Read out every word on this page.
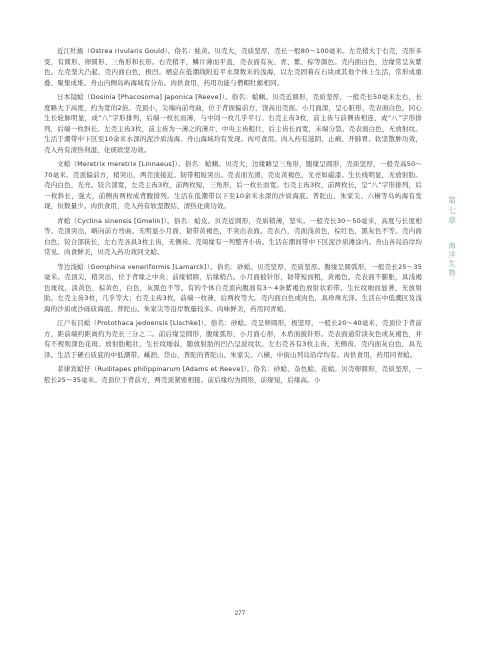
近江牡蛎（Ostrea rivularis Gould）。俗名：蚝黄。贝壳大，壳质坚厚，壳长一般80～100毫米。左壳稍大于右壳，壳形多变，有圆形、卵圆形、三角形和长形。右壳稍平，鳞片薄而平直，壳表面有灰、青、紫、棕等颜色。壳内面白色，边缘常呈灰紫色。左壳坚大凸起，壳内面白色，极凹。栖息在低潮线附近平水深数米的浅海，以左壳固着在石块或其他个体上生活，常形成重叠、聚集成堆。舟山内侧岛屿海域有分布。肉供食用，药用功能与僧帽牡蛎相同。

日本镜蛤（Dosinia [Phacosoma] Japonica [Reeve]）。俗名：蛤蜊。贝壳近圆形，壳质坚厚，一般壳长50毫米左右，长度略大于高度，约为宽的2倍。壳顶小，尖端向前弯曲，位于背面偏前方，饶高出壳面。小月面深，呈心脏形，壳表面白色，同心生长轮脉明显，成“八”字形排列，后端一枚长而薄，与中间一枚几乎平行。右壳主齿3枚，前主齿与前侧齿相连，成“八”字形排列，后端一枚斜长。左壳主齿3枚，前主齿为一薄之的薄片，中央主齿粗壮，后主齿长而宽，末端分裂。壳表面白色，无放射纹。生活于潮带中下区至10余米水深的泥沙质浅海。舟山海域均有发现。肉可食用。肉入药有滋阴、止痢、开肺胃、软坚散肿功效，壳入药有清热利湿、化痰软坚功效。

文蛤（Meretrix meretrix [Linnaeus]）。俗名：蛤蜊。贝壳大，边缘略呈三角形，腹缘呈圆形，壳质坚厚，一般壳高50～70毫米。壳顶偏前方，稍突出，两壳顶接近。韧带粗短突出。壳表面光滑，壳皮黄褐色，光亮如磁漆。生长线明显，无放射肋。壳内白色，光亮。铰合部宽，左壳主齿3枚，前两枚短，三角形，后一枚长而宽。右壳主齿3枚，前两枚长，呈“八”字形排列，后一枚斜长，强大，前侧齿两枚成背腹排列。生活在低潮带以下至10余米水深的沙质海底。普陀山、朱家尖、六横等岛屿海有发现，但数量少。肉供食用，壳入药有软坚散结、清热化痰功效。

青蛤（Cyclina sinensis [Gmelin]）。俗名：蛤皮。贝壳近圆形，壳质稍薄，坚实。一般壳长30～50毫米，高度与长度相等。壳顶突出，略向前方弯曲。无明显小月面，韧带黄褐色，不突出表面。壳表凸，壳面浅黄色，棕红色，黑灰色不等。壳内面白色，铰合部狭长，左右壳各具3枚主齿，无侧齿。壳周缘有一列整齐小齿。生活在潮间带中下区泥沙质滩涂内。舟山各岛沿岸均常见。肉食鲜美，贝壳入药功效同文蛤。

等边浅蛤（Gomphina veneriformis [Lamarck]）。俗名：砂蛤。贝壳坚厚，壳质坚厚。腹缘呈圆弧形，一般壳长25～35毫米。壳顶尖，稍突出，位于背缘之中央；前缘稍圆，后缘稍凸。小月面披针形，韧带短而粗，黄褐色。壳表面不膨胀，具浅褐色斑纹，淡黄色，棕黄色，白色，灰黑色不等。有的个体自壳顶向腹面有3～4条紫褐色放射状彩带。生长纹细而显著，无放射肋。左壳主齿3枚，几乎等大；右壳主齿3枚，前端一枚薄，后两枚等大。壳内面白色或肉色，具珍珠光泽。生活在中低潮区及浅海的沙质或沙砾质海底。普陀山、朱家尖等沿岸数量较多。肉味鲜美，药用同青蛤。

江户布目蛤（Protothaca jedoensis [Lischke]）。俗名：砂蛤。壳呈卵圆形，极坚厚，一般长20～40毫米，壳顶位于背前方，距前端约距离约为壳长三分之二。前后缘呈圆形，腹缘弧形，小月面心形，木盾面披针形。壳表面通常淡灰色或灰褐色，并有不规则深色花斑。放射肋粗壮，生长纹细弱，随放射肋的凹凸呈波纹状。左右壳各有3枚主齿，无侧齿。壳内面灰白色，具光泽。生活于硬石质底的中低潮带。嵊泗、岱山、普陀的普陀山、朱家尖、六横，中街山列岛沿岸均有。肉供食用，药用同青蛤。

菲律宾蛤仔（Ruditapes philippinarum [Adams et Reeve]）。俗名：砂蛤、杂色蛤、花蛤。贝壳卵圆形，壳质坚厚，一般长25～35毫米。壳顶位于背前方，两壳顶紧密相接。前后缘均为圆形，前缘短，后缘高。小

第七章
海洋生物
277
